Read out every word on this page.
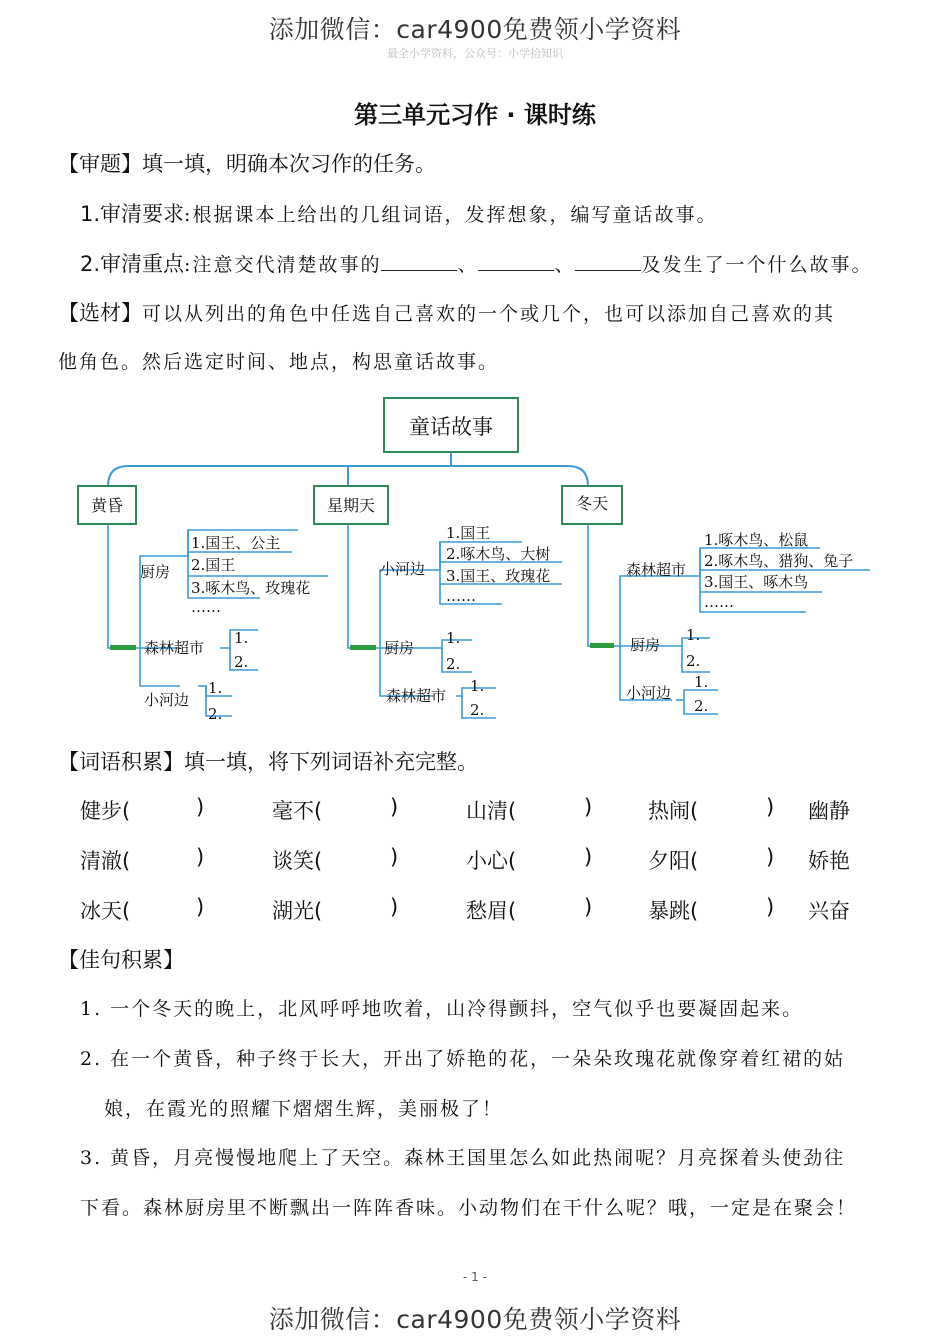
添加微信：car4900免费领小学资料
最全小学资料，公众号：小学拾知识
第三单元习作 · 课时练
【审题】填一填，明确本次习作的任务。
1.审清要求:根据课本上给出的几组词语，发挥想象，编写童话故事。
2.审清重点:注意交代清楚故事的	、	、	及发生了一个什么故事。
【选材】可以从列出的角色中任选自己喜欢的一个或几个，也可以添加自己喜欢的其
他角色。然后选定时间、地点，构思童话故事。
童话故事
黄昏	星期天	冬天
厨房
1.国王、公主
2.国王
3.啄木鸟、玫瑰花
……
森林超市
1.
2.
小河边
1.
2.
小河边
1.国王
2.啄木鸟、大树
3.国王、玫瑰花
……
厨房
1.
2.
森林超市
1.
2.
森林超市
1.啄木鸟、松鼠
2.啄木鸟、猎狗、兔子
3.国王、啄木鸟
……
厨房
1.
2.
小河边
1.
2.
【词语积累】填一填，将下列词语补充完整。
健步(	)	毫不(	)	山清(	)	热闹(	) 幽静
清澈(	)	谈笑(	)	小心(	)	夕阳(	) 娇艳
冰天(	)	湖光(	)	愁眉(	)	暴跳(	) 兴奋
【佳句积累】
1. 一个冬天的晚上，北风呼呼地吹着，山冷得颤抖，空气似乎也要凝固起来。
2. 在一个黄昏，种子终于长大，开出了娇艳的花，一朵朵玫瑰花就像穿着红裙的姑
娘，在霞光的照耀下熠熠生辉，美丽极了！
3. 黄昏，月亮慢慢地爬上了天空。森林王国里怎么如此热闹呢？月亮探着头使劲往
下看。森林厨房里不断飘出一阵阵香味。小动物们在干什么呢？哦，一定是在聚会！
- 1 -
添加微信：car4900免费领小学资料
